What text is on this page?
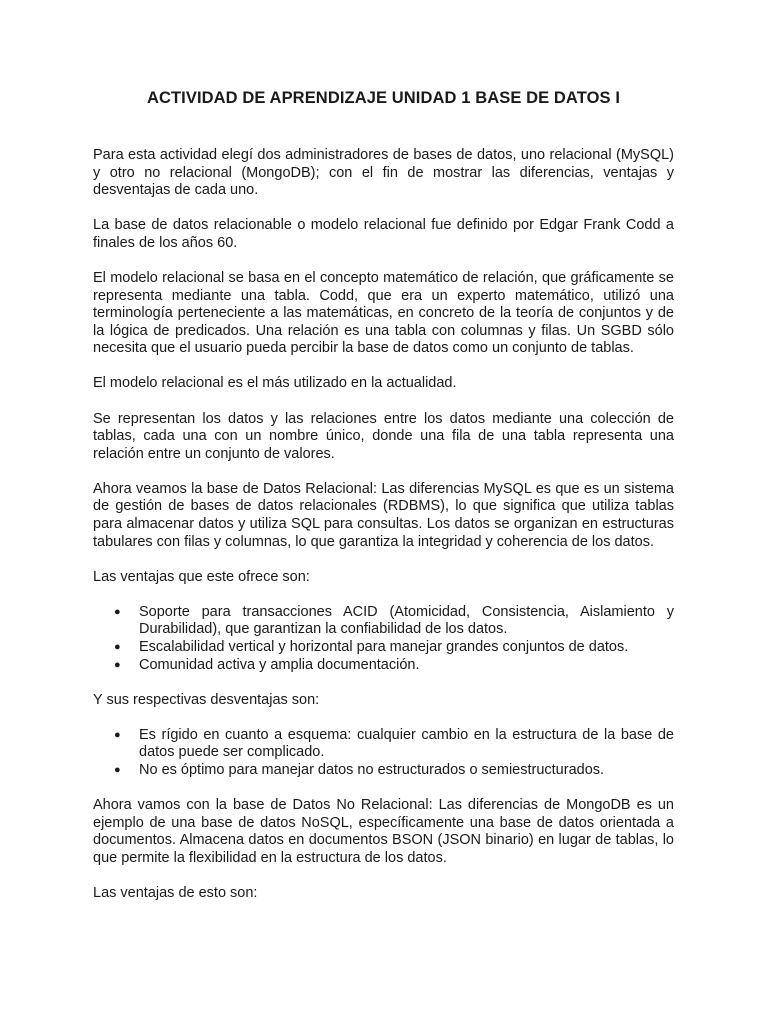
ACTIVIDAD DE APRENDIZAJE UNIDAD 1 BASE DE DATOS I

Para esta actividad elegí dos administradores de bases de datos, uno relacional (MySQL) y otro no relacional (MongoDB); con el fin de mostrar las diferencias, ventajas y desventajas de cada uno.

La base de datos relacionable o modelo relacional fue definido por Edgar Frank Codd a finales de los años 60.

El modelo relacional se basa en el concepto matemático de relación, que gráficamente se representa mediante una tabla. Codd, que era un experto matemático, utilizó una terminología perteneciente a las matemáticas, en concreto de la teoría de conjuntos y de la lógica de predicados. Una relación es una tabla con columnas y filas. Un SGBD sólo necesita que el usuario pueda percibir la base de datos como un conjunto de tablas.

El modelo relacional es el más utilizado en la actualidad.

Se representan los datos y las relaciones entre los datos mediante una colección de tablas, cada una con un nombre único, donde una fila de una tabla representa una relación entre un conjunto de valores.

Ahora veamos la base de Datos Relacional: Las diferencias MySQL es que es un sistema de gestión de bases de datos relacionales (RDBMS), lo que significa que utiliza tablas para almacenar datos y utiliza SQL para consultas. Los datos se organizan en estructuras tabulares con filas y columnas, lo que garantiza la integridad y coherencia de los datos.

Las ventajas que este ofrece son:

● Soporte para transacciones ACID (Atomicidad, Consistencia, Aislamiento y Durabilidad), que garantizan la confiabilidad de los datos.
● Escalabilidad vertical y horizontal para manejar grandes conjuntos de datos.
● Comunidad activa y amplia documentación.

Y sus respectivas desventajas son:

● Es rígido en cuanto a esquema: cualquier cambio en la estructura de la base de datos puede ser complicado.
● No es óptimo para manejar datos no estructurados o semiestructurados.

Ahora vamos con la base de Datos No Relacional: Las diferencias de MongoDB es un ejemplo de una base de datos NoSQL, específicamente una base de datos orientada a documentos. Almacena datos en documentos BSON (JSON binario) en lugar de tablas, lo que permite la flexibilidad en la estructura de los datos.

Las ventajas de esto son:
